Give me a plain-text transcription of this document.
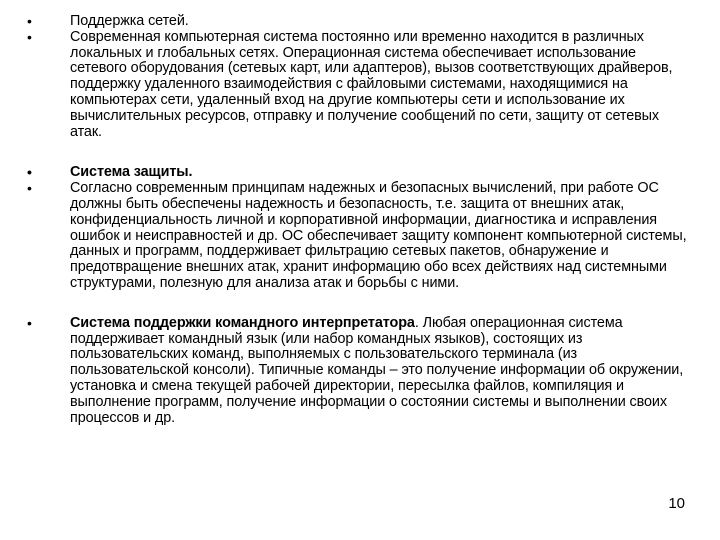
•	Поддержка сетей.
•	Современная компьютерная система постоянно или временно находится в различных локальных и глобальных сетях. Операционная система обеспечивает использование сетевого оборудования (сетевых карт, или адаптеров), вызов соответствующих драйверов, поддержку удаленного взаимодействия с файловыми системами, находящимися на компьютерах сети, удаленный вход на другие компьютеры сети и использование их вычислительных ресурсов, отправку и получение сообщений по сети, защиту от сетевых атак.
•	Система защиты.
•	Согласно современным принципам надежных и безопасных вычислений, при работе ОС должны быть обеспечены надежность и безопасность, т.е. защита от внешних атак, конфиденциальность личной и корпоративной информации, диагностика и исправления ошибок и неисправностей и др. ОС обеспечивает защиту компонент компьютерной системы, данных и программ, поддерживает фильтрацию сетевых пакетов, обнаружение и предотвращение внешних атак, хранит информацию обо всех действиях над системными структурами, полезную для анализа атак и борьбы с ними.
•	Система поддержки командного интерпретатора. Любая операционная система поддерживает командный язык (или набор командных языков), состоящих из пользовательских команд, выполняемых с пользовательского терминала (из пользовательской консоли). Типичные команды – это получение информации об окружении, установка и смена текущей рабочей директории, пересылка файлов, компиляция и выполнение программ, получение информации о состоянии системы и выполнении своих процессов и др.
10
